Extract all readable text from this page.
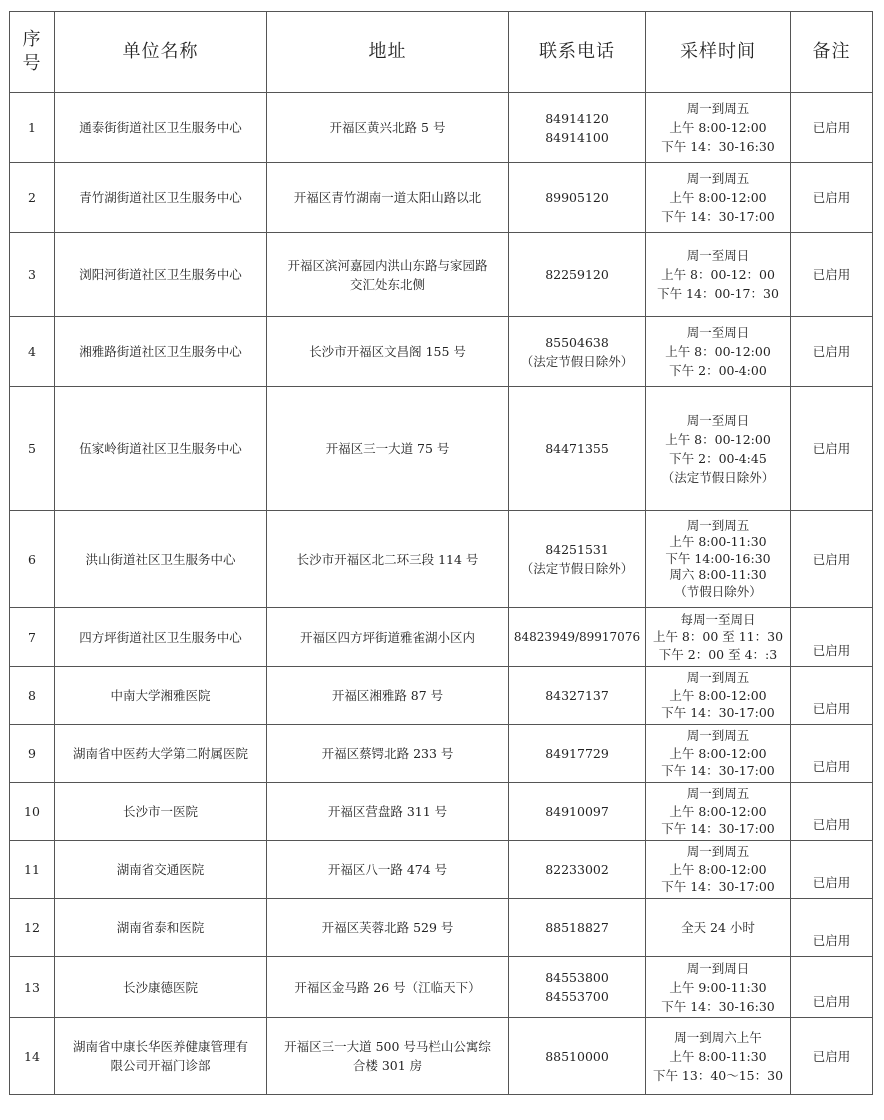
序
号	单位名称	地址	联系电话	采样时间	备注
1	通泰街街道社区卫生服务中心	开福区黄兴北路 5 号	84914120
84914100	周一到周五
上午 8:00-12:00
下午 14：30-16:30	已启用
2	青竹湖街道社区卫生服务中心	开福区青竹湖南一道太阳山路以北	89905120	周一到周五
上午 8:00-12:00
下午 14：30-17:00	已启用
3	浏阳河街道社区卫生服务中心	开福区滨河嘉园内洪山东路与家园路
交汇处东北侧	82259120	周一至周日
上午 8：00-12：00
下午 14：00-17：30	已启用
4	湘雅路街道社区卫生服务中心	长沙市开福区文昌阁 155 号	85504638
（法定节假日除外）	周一至周日
上午 8：00-12:00
下午 2：00-4:00	已启用
5	伍家岭街道社区卫生服务中心	开福区三一大道 75 号	84471355	周一至周日
上午 8：00-12:00
下午 2：00-4:45
（法定节假日除外）	已启用
6	洪山街道社区卫生服务中心	长沙市开福区北二环三段 114 号	84251531
（法定节假日除外）	周一到周五
上午 8:00-11:30
下午 14:00-16:30
周六 8:00-11:30
（节假日除外）	已启用
7	四方坪街道社区卫生服务中心	开福区四方坪街道雅雀湖小区内	84823949/89917076	每周一至周日
上午 8：00 至 11：30
下午 2：00 至 4：:3	已启用
8	中南大学湘雅医院	开福区湘雅路 87 号	84327137	周一到周五
上午 8:00-12:00
下午 14：30-17:00	已启用
9	湖南省中医药大学第二附属医院	开福区蔡锷北路 233 号	84917729	周一到周五
上午 8:00-12:00
下午 14：30-17:00	已启用
10	长沙市一医院	开福区营盘路 311 号	84910097	周一到周五
上午 8:00-12:00
下午 14：30-17:00	已启用
11	湖南省交通医院	开福区八一路 474 号	82233002	周一到周五
上午 8:00-12:00
下午 14：30-17:00	已启用
12	湖南省泰和医院	开福区芙蓉北路 529 号	88518827	全天 24 小时	已启用
13	长沙康德医院	开福区金马路 26 号（江临天下）	84553800
84553700	周一到周日
上午 9:00-11:30
下午 14：30-16:30	已启用
14	湖南省中康长华医养健康管理有
限公司开福门诊部	开福区三一大道 500 号马栏山公寓综
合楼 301 房	88510000	周一到周六上午
上午 8:00-11:30
下午 13：40～15：30	已启用
